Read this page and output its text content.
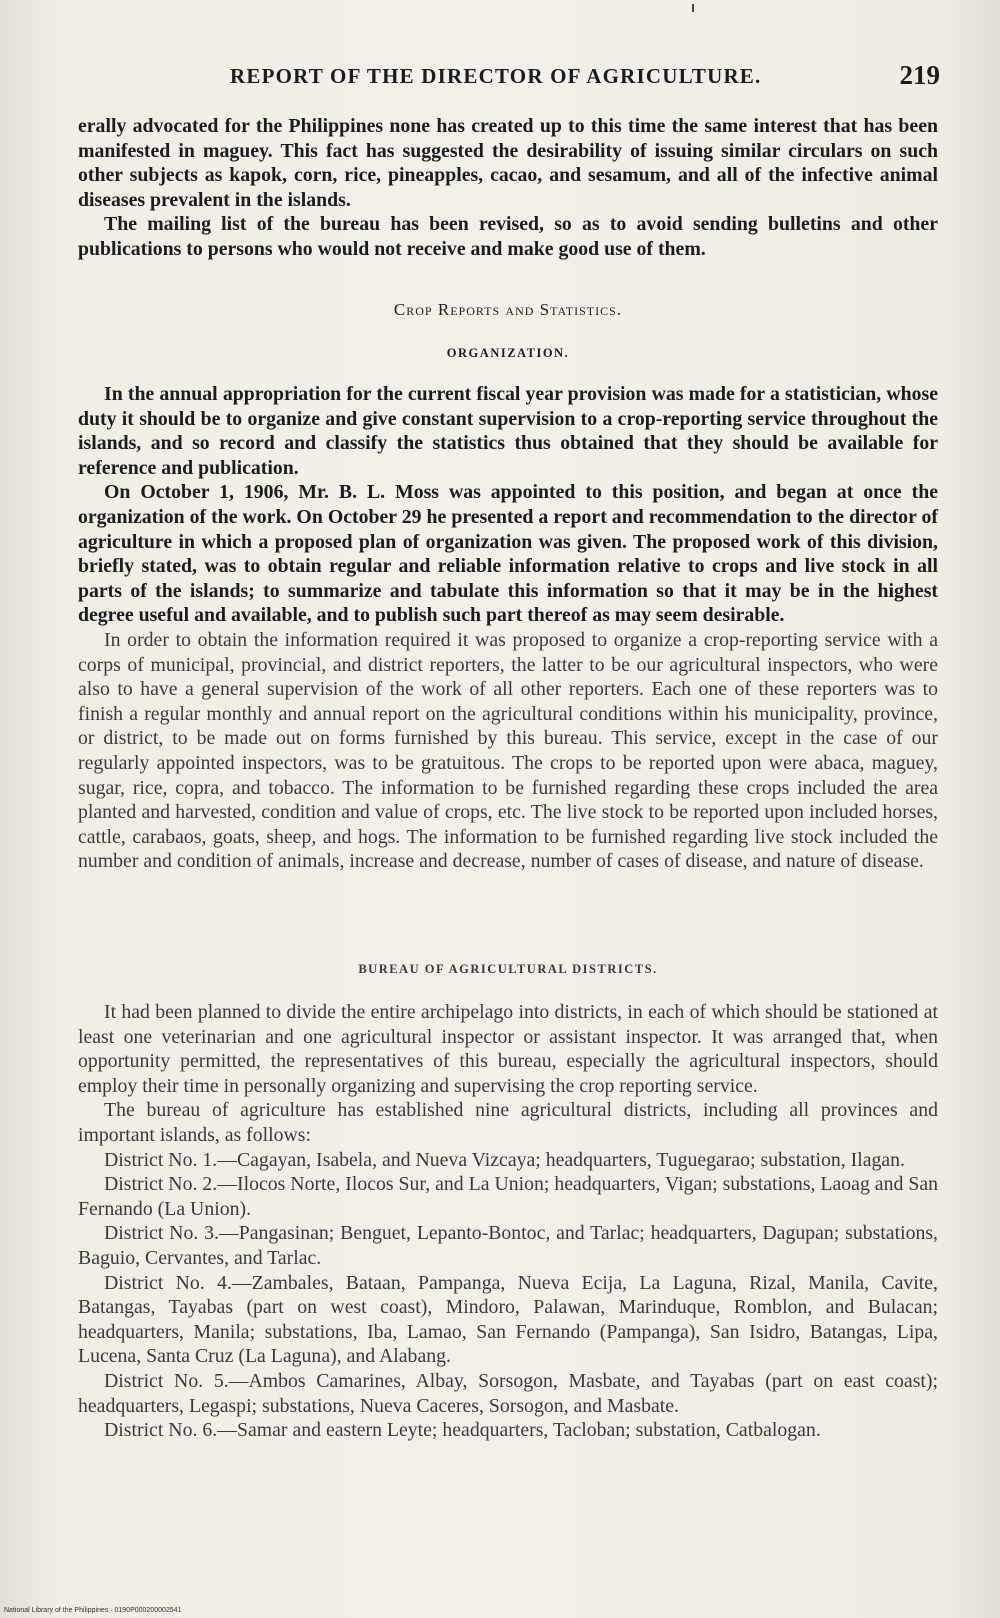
REPORT OF THE DIRECTOR OF AGRICULTURE.	219

erally advocated for the Philippines none has created up to this time the same interest that has been manifested in maguey. This fact has suggested the desirability of issuing similar circulars on such other subjects as kapok, corn, rice, pineapples, cacao, and sesamum, and all of the infective animal diseases prevalent in the islands.

The mailing list of the bureau has been revised, so as to avoid sending bulletins and other publications to persons who would not receive and make good use of them.

Crop Reports and Statistics.
ORGANIZATION.

In the annual appropriation for the current fiscal year provision was made for a statistician, whose duty it should be to organize and give constant supervision to a crop-reporting service throughout the islands, and so record and classify the statistics thus obtained that they should be available for reference and publication.

On October 1, 1906, Mr. B. L. Moss was appointed to this position, and began at once the organization of the work. On October 29 he presented a report and recommendation to the director of agriculture in which a proposed plan of organization was given. The proposed work of this division, briefly stated, was to obtain regular and reliable information relative to crops and live stock in all parts of the islands; to summarize and tabulate this information so that it may be in the highest degree useful and available, and to publish such part thereof as may seem desirable.

In order to obtain the information required it was proposed to organize a crop-reporting service with a corps of municipal, provincial, and district reporters, the latter to be our agricultural inspectors, who were also to have a general supervision of the work of all other reporters. Each one of these reporters was to finish a regular monthly and annual report on the agricultural conditions within his municipality, province, or district, to be made out on forms furnished by this bureau. This service, except in the case of our regularly appointed inspectors, was to be gratuitous. The crops to be reported upon were abaca, maguey, sugar, rice, copra, and tobacco. The information to be furnished regarding these crops included the area planted and harvested, condition and value of crops, etc. The live stock to be reported upon included horses, cattle, carabaos, goats, sheep, and hogs. The information to be furnished regarding live stock included the number and condition of animals, increase and decrease, number of cases of disease, and nature of disease.

BUREAU OF AGRICULTURAL DISTRICTS.

It had been planned to divide the entire archipelago into districts, in each of which should be stationed at least one veterinarian and one agricultural inspector or assistant inspector. It was arranged that, when opportunity permitted, the representatives of this bureau, especially the agricultural inspectors, should employ their time in personally organizing and supervising the crop reporting service.

The bureau of agriculture has established nine agricultural districts, including all provinces and important islands, as follows:

District No. 1.—Cagayan, Isabela, and Nueva Vizcaya; headquarters, Tuguegarao; substation, Ilagan.

District No. 2.—Ilocos Norte, Ilocos Sur, and La Union; headquarters, Vigan; substations, Laoag and San Fernando (La Union).

District No. 3.—Pangasinan; Benguet, Lepanto-Bontoc, and Tarlac; headquarters, Dagupan; substations, Baguio, Cervantes, and Tarlac.

District No. 4.—Zambales, Bataan, Pampanga, Nueva Ecija, La Laguna, Rizal, Manila, Cavite, Batangas, Tayabas (part on west coast), Mindoro, Palawan, Marinduque, Romblon, and Bulacan; headquarters, Manila; substations, Iba, Lamao, San Fernando (Pampanga), San Isidro, Batangas, Lipa, Lucena, Santa Cruz (La Laguna), and Alabang.

District No. 5.—Ambos Camarines, Albay, Sorsogon, Masbate, and Tayabas (part on east coast); headquarters, Legaspi; substations, Nueva Caceres, Sorsogon, and Masbate.

District No. 6.—Samar and eastern Leyte; headquarters, Tacloban; substation, Catbalogan.

National Library of the Philippines · 0190P000200002541
